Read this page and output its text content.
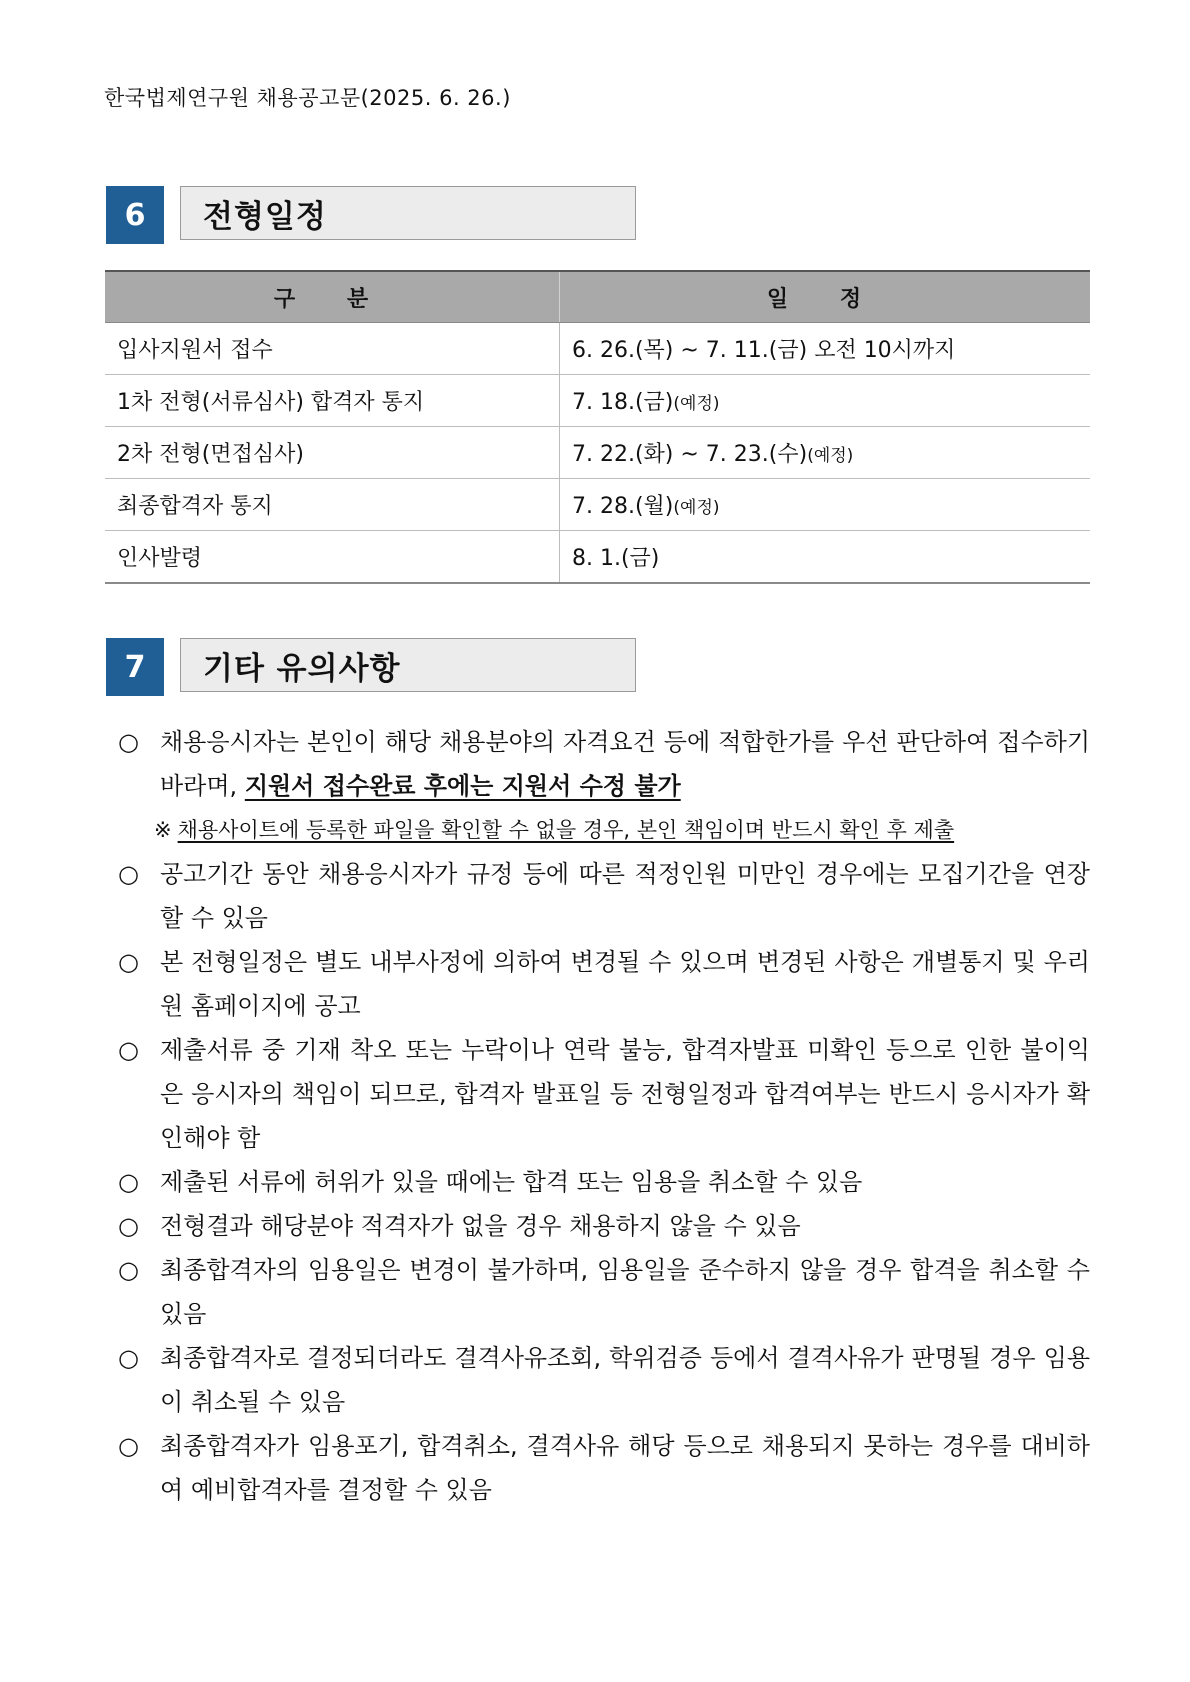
한국법제연구원 채용공고문(2025. 6. 26.)
6	전형일정
구 분	일 정
입사지원서 접수	6. 26.(목) ~ 7. 11.(금) 오전 10시까지
1차 전형(서류심사) 합격자 통지	7. 18.(금)(예정)
2차 전형(면접심사)	7. 22.(화) ~ 7. 23.(수)(예정)
최종합격자 통지	7. 28.(월)(예정)
인사발령	8. 1.(금)
7	기타 유의사항
○ 채용응시자는 본인이 해당 채용분야의 자격요건 등에 적합한가를 우선 판단하여 접수하기 바라며, 지원서 접수완료 후에는 지원서 수정 불가
※ 채용사이트에 등록한 파일을 확인할 수 없을 경우, 본인 책임이며 반드시 확인 후 제출
○ 공고기간 동안 채용응시자가 규정 등에 따른 적정인원 미만인 경우에는 모집기간을 연장할 수 있음
○ 본 전형일정은 별도 내부사정에 의하여 변경될 수 있으며 변경된 사항은 개별통지 및 우리원 홈페이지에 공고
○ 제출서류 중 기재 착오 또는 누락이나 연락 불능, 합격자발표 미확인 등으로 인한 불이익은 응시자의 책임이 되므로, 합격자 발표일 등 전형일정과 합격여부는 반드시 응시자가 확인해야 함
○ 제출된 서류에 허위가 있을 때에는 합격 또는 임용을 취소할 수 있음
○ 전형결과 해당분야 적격자가 없을 경우 채용하지 않을 수 있음
○ 최종합격자의 임용일은 변경이 불가하며, 임용일을 준수하지 않을 경우 합격을 취소할 수 있음
○ 최종합격자로 결정되더라도 결격사유조회, 학위검증 등에서 결격사유가 판명될 경우 임용이 취소될 수 있음
○ 최종합격자가 임용포기, 합격취소, 결격사유 해당 등으로 채용되지 못하는 경우를 대비하여 예비합격자를 결정할 수 있음
